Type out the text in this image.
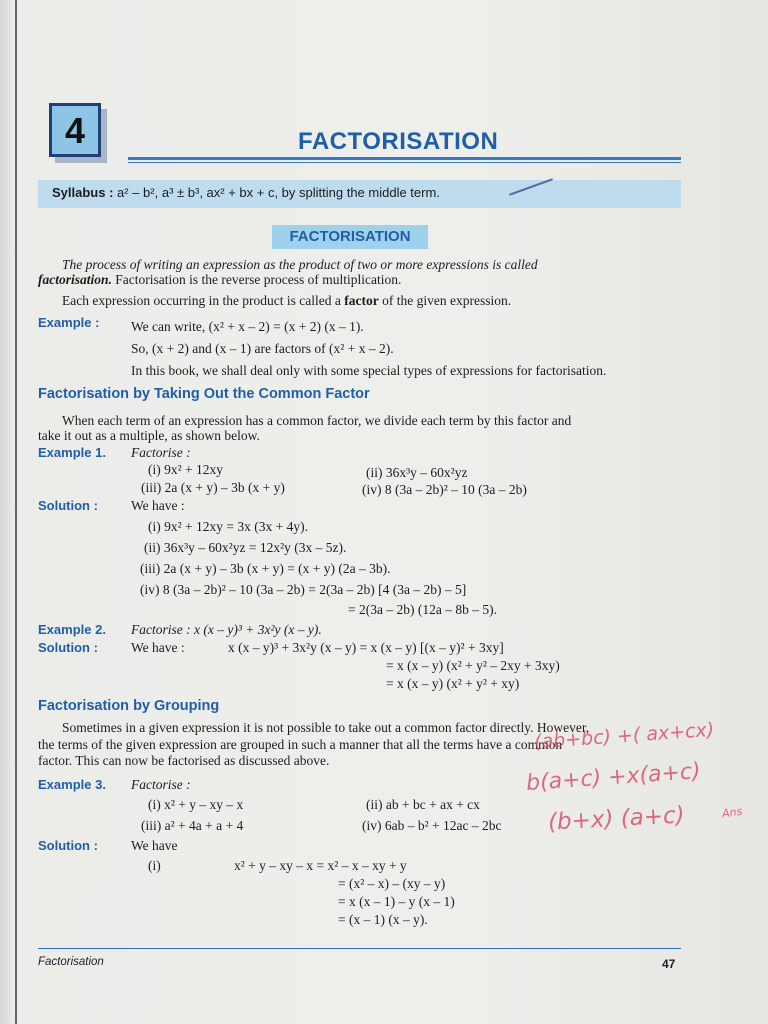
4	FACTORISATION
Syllabus : a² – b², a³ ± b³, ax² + bx + c, by splitting the middle term.
FACTORISATION
The process of writing an expression as the product of two or more expressions is called
factorisation. Factorisation is the reverse process of multiplication.
Each expression occurring in the product is called a factor of the given expression.
Example : We can write, (x² + x – 2) = (x + 2) (x – 1).
So, (x + 2) and (x – 1) are factors of (x² + x – 2).
In this book, we shall deal only with some special types of expressions for factorisation.
Factorisation by Taking Out the Common Factor
When each term of an expression has a common factor, we divide each term by this factor and
take it out as a multiple, as shown below.
Example 1. Factorise :
(i) 9x² + 12xy	(ii) 36x³y – 60x²yz
(iii) 2a (x + y) – 3b (x + y)	(iv) 8 (3a – 2b)² – 10 (3a – 2b)
Solution : We have :
(i) 9x² + 12xy = 3x (3x + 4y).
(ii) 36x³y – 60x²yz = 12x²y (3x – 5z).
(iii) 2a (x + y) – 3b (x + y) = (x + y) (2a – 3b).
(iv) 8 (3a – 2b)² – 10 (3a – 2b) = 2(3a – 2b) [4 (3a – 2b) – 5]
= 2(3a – 2b) (12a – 8b – 5).
Example 2. Factorise : x (x – y)³ + 3x²y (x – y).
Solution : We have :	x (x – y)³ + 3x²y (x – y) = x (x – y) [(x – y)² + 3xy]
= x (x – y) (x² + y² – 2xy + 3xy)
= x (x – y) (x² + y² + xy)
Factorisation by Grouping
Sometimes in a given expression it is not possible to take out a common factor directly. However,
the terms of the given expression are grouped in such a manner that all the terms have a common
factor. This can now be factorised as discussed above.
Example 3. Factorise :
(i) x² + y – xy – x	(ii) ab + bc + ax + cx
(iii) a² + 4a + a + 4	(iv) 6ab – b² + 12ac – 2bc
Solution : We have
(i)	x² + y – xy – x = x² – x – xy + y
= (x² – x) – (xy – y)
= x (x – 1) – y (x – 1)
= (x – 1) (x – y).
(ab+bc) +( ax+cx)
b(a+c) +x(a+c)
(b+x) (a+c)	Ans
Factorisation	47
